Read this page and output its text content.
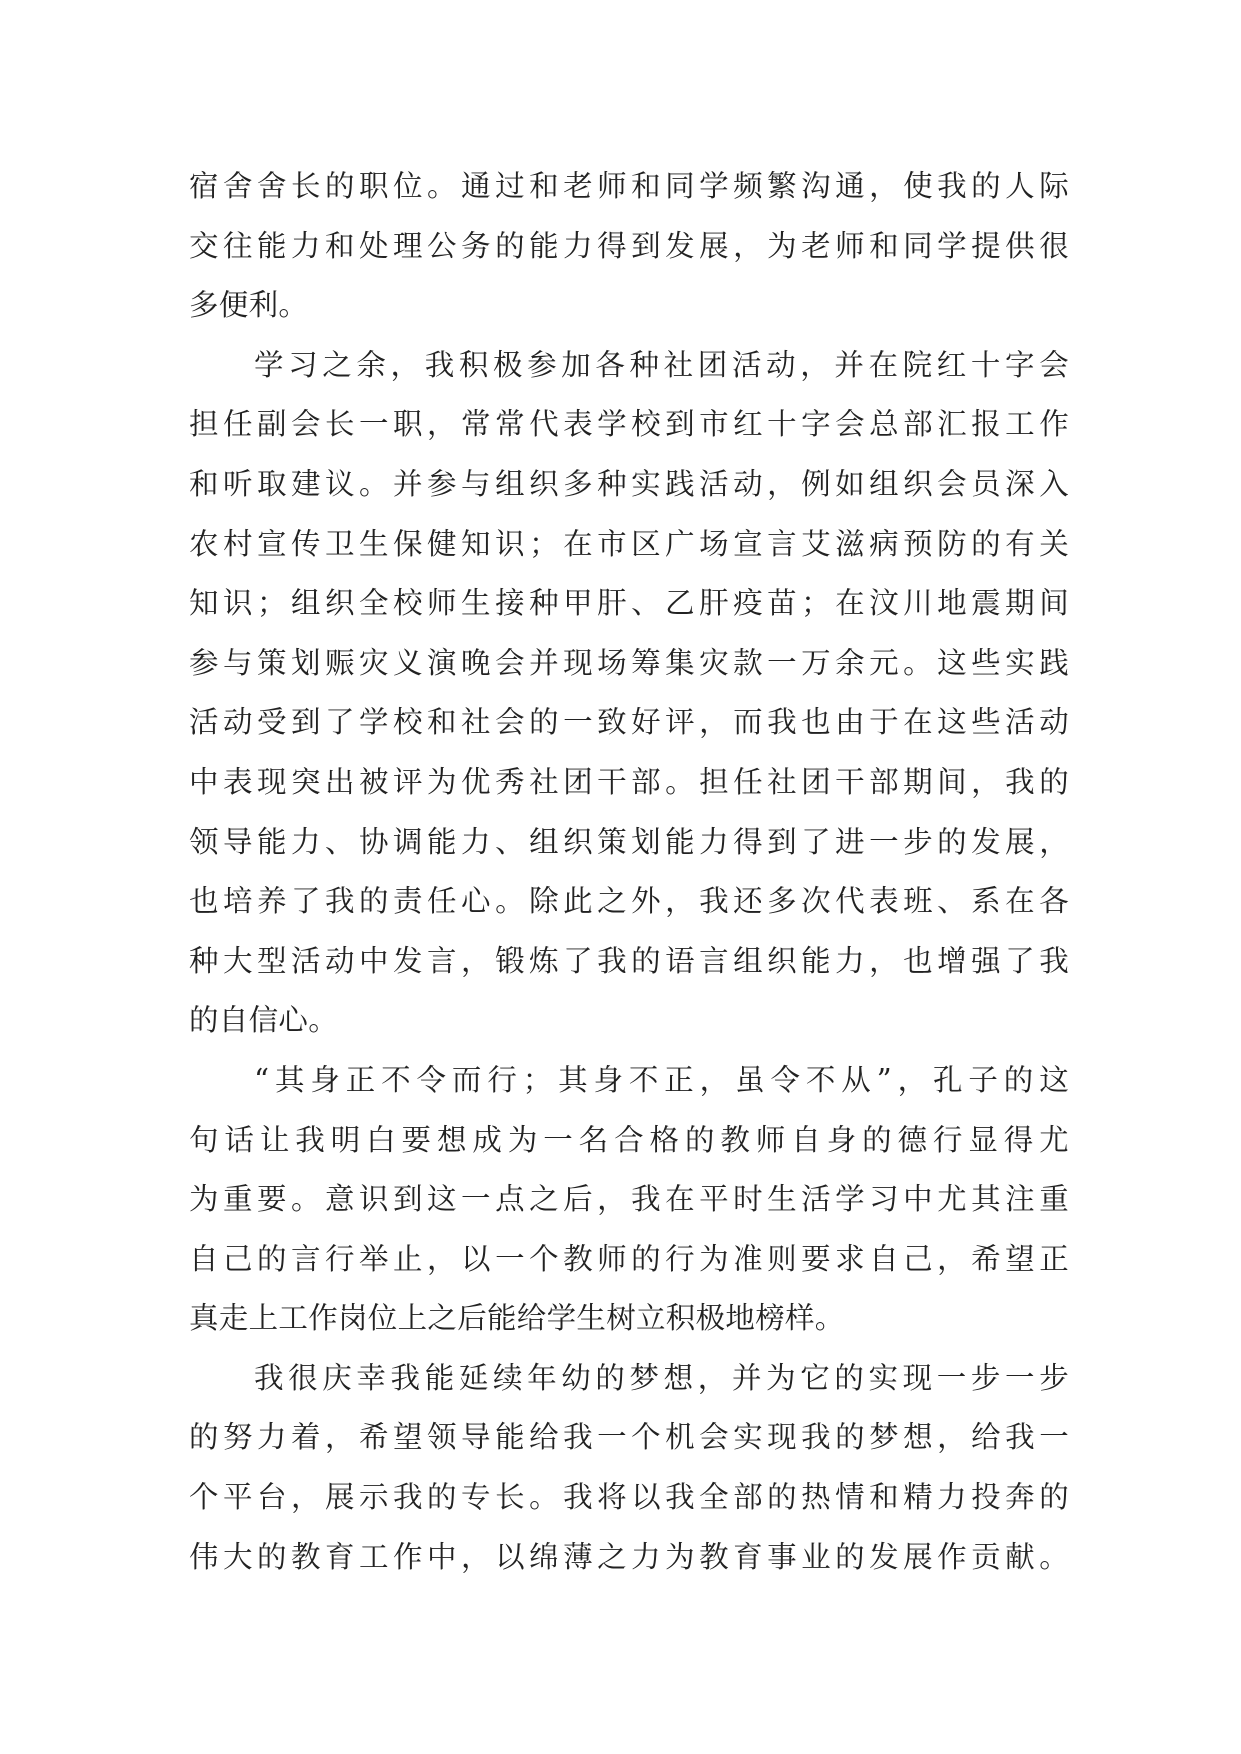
宿舍舍长的职位。通过和老师和同学频繁沟通，使我的人际
交往能力和处理公务的能力得到发展，为老师和同学提供很
多便利。
学习之余，我积极参加各种社团活动，并在院红十字会
担任副会长一职，常常代表学校到市红十字会总部汇报工作
和听取建议。并参与组织多种实践活动，例如组织会员深入
农村宣传卫生保健知识；在市区广场宣言艾滋病预防的有关
知识；组织全校师生接种甲肝、乙肝疫苗；在汶川地震期间
参与策划赈灾义演晚会并现场筹集灾款一万余元。这些实践
活动受到了学校和社会的一致好评，而我也由于在这些活动
中表现突出被评为优秀社团干部。担任社团干部期间，我的
领导能力、协调能力、组织策划能力得到了进一步的发展，
也培养了我的责任心。除此之外，我还多次代表班、系在各
种大型活动中发言，锻炼了我的语言组织能力，也增强了我
的自信心。
“其身正不令而行；其身不正，虽令不从”，孔子的这
句话让我明白要想成为一名合格的教师自身的德行显得尤
为重要。意识到这一点之后，我在平时生活学习中尤其注重
自己的言行举止，以一个教师的行为准则要求自己，希望正
真走上工作岗位上之后能给学生树立积极地榜样。
我很庆幸我能延续年幼的梦想，并为它的实现一步一步
的努力着，希望领导能给我一个机会实现我的梦想，给我一
个平台，展示我的专长。我将以我全部的热情和精力投奔的
伟大的教育工作中，以绵薄之力为教育事业的发展作贡献。
